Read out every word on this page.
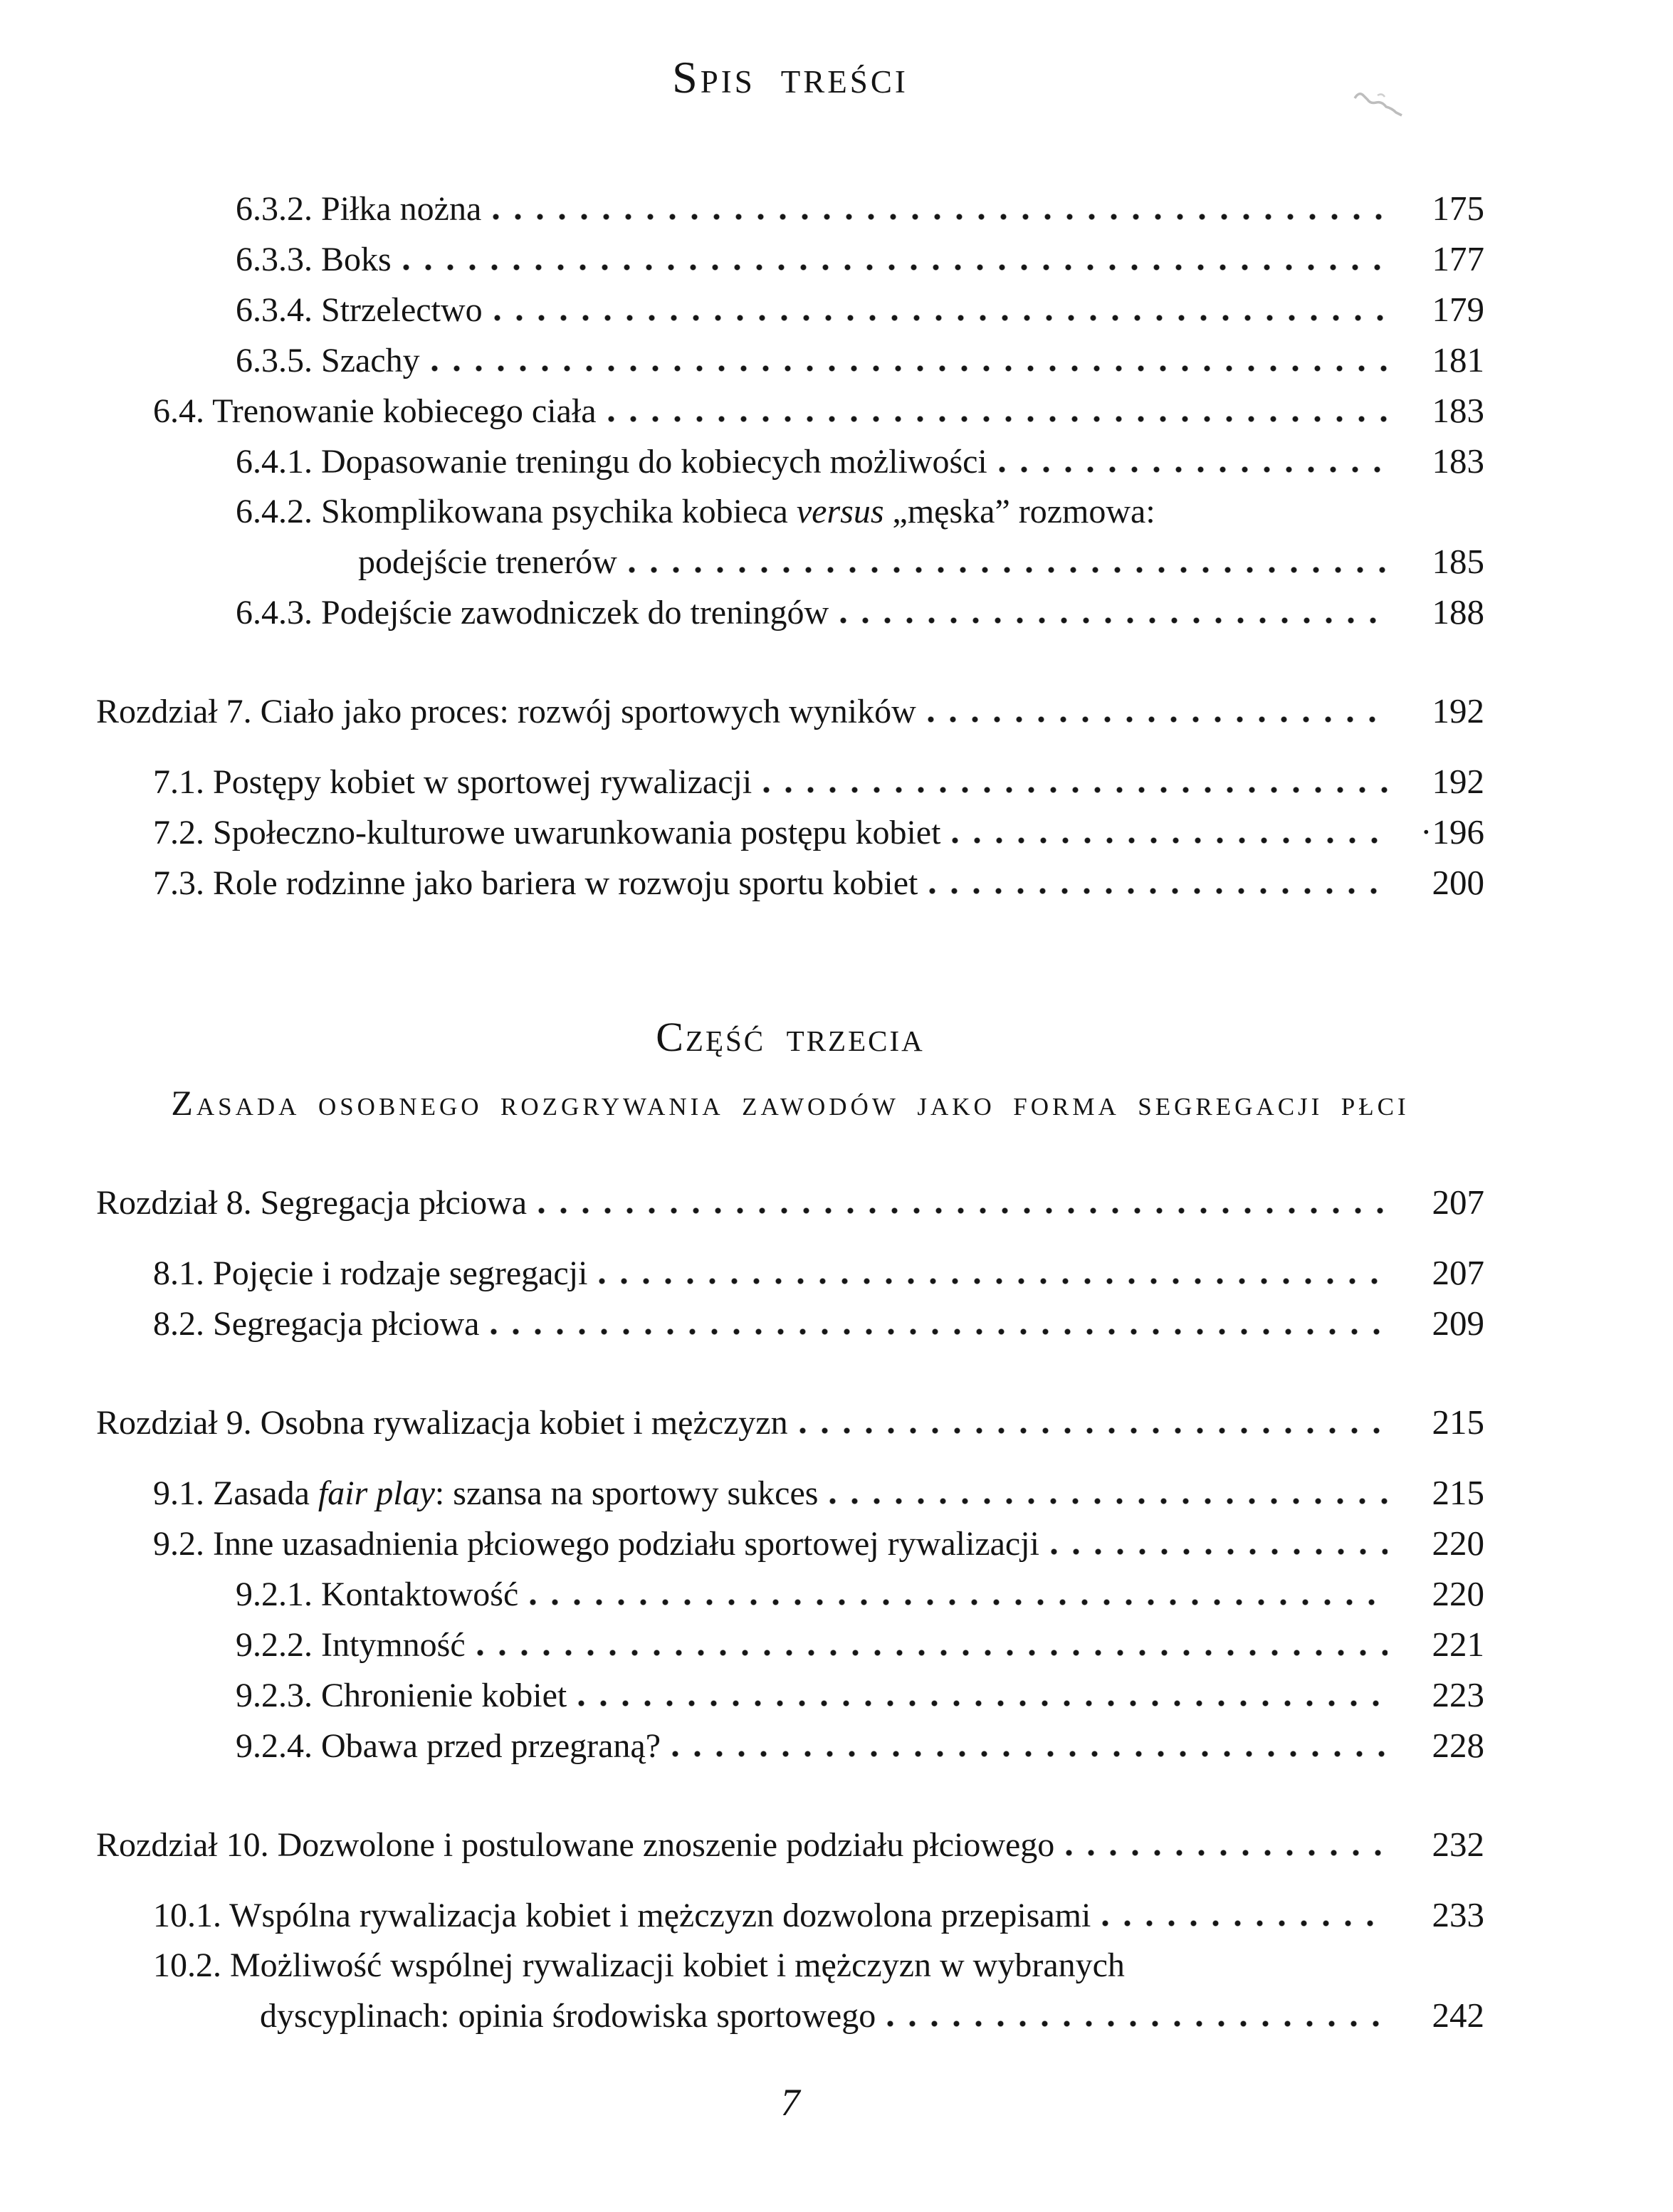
Spis treści
6.3.2. Piłka nożna	175
6.3.3. Boks	177
6.3.4. Strzelectwo	179
6.3.5. Szachy	181
6.4. Trenowanie kobiecego ciała	183
6.4.1. Dopasowanie treningu do kobiecych możliwości	183
6.4.2. Skomplikowana psychika kobieca versus „męska” rozmowa:
podejście trenerów	185
6.4.3. Podejście zawodniczek do treningów	188
Rozdział 7. Ciało jako proces: rozwój sportowych wyników	192
7.1. Postępy kobiet w sportowej rywalizacji	192
7.2. Społeczno-kulturowe uwarunkowania postępu kobiet	·196
7.3. Role rodzinne jako bariera w rozwoju sportu kobiet	200
Część trzecia
Zasada osobnego rozgrywania zawodów jako forma segregacji płci
Rozdział 8. Segregacja płciowa	207
8.1. Pojęcie i rodzaje segregacji	207
8.2. Segregacja płciowa	209
Rozdział 9. Osobna rywalizacja kobiet i mężczyzn	215
9.1. Zasada fair play: szansa na sportowy sukces	215
9.2. Inne uzasadnienia płciowego podziału sportowej rywalizacji	220
9.2.1. Kontaktowość	220
9.2.2. Intymność	221
9.2.3. Chronienie kobiet	223
9.2.4. Obawa przed przegraną?	228
Rozdział 10. Dozwolone i postulowane znoszenie podziału płciowego	232
10.1. Wspólna rywalizacja kobiet i mężczyzn dozwolona przepisami	233
10.2. Możliwość wspólnej rywalizacji kobiet i mężczyzn w wybranych
dyscyplinach: opinia środowiska sportowego	242
7
